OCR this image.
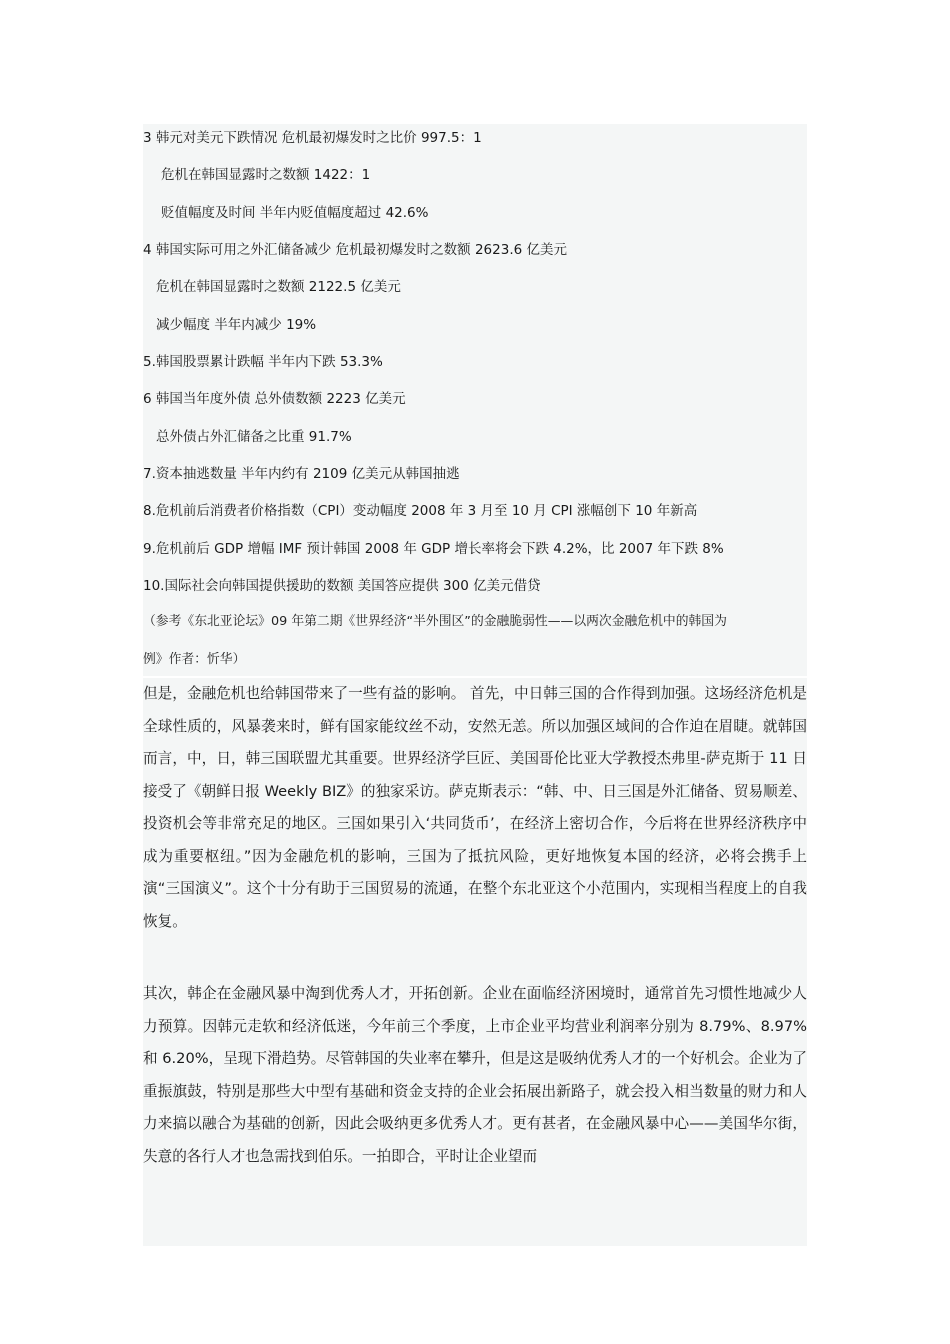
3 韩元对美元下跌情况 危机最初爆发时之比价 997.5：1
危机在韩国显露时之数额 1422：1
贬值幅度及时间 半年内贬值幅度超过 42.6%
4 韩国实际可用之外汇储备减少 危机最初爆发时之数额 2623.6 亿美元
危机在韩国显露时之数额 2122.5 亿美元
减少幅度 半年内减少 19%
5.韩国股票累计跌幅 半年内下跌 53.3%
6 韩国当年度外债 总外债数额 2223 亿美元
总外债占外汇储备之比重 91.7%
7.资本抽逃数量 半年内约有 2109 亿美元从韩国抽逃
8.危机前后消费者价格指数（CPI）变动幅度 2008 年 3 月至 10 月 CPI 涨幅创下 10 年新高
9.危机前后 GDP 增幅 IMF 预计韩国 2008 年 GDP 增长率将会下跌 4.2%，比 2007 年下跌 8%
10.国际社会向韩国提供援助的数额 美国答应提供 300 亿美元借贷
（参考《东北亚论坛》09 年第二期《世界经济“半外围区”的金融脆弱性——以两次金融危机中的韩国为
例》作者：忻华）

但是，金融危机也给韩国带来了一些有益的影响。 首先，中日韩三国的合作得到加强。这场经济危机是全球性质的，风暴袭来时，鲜有国家能纹丝不动，安然无恙。所以加强区域间的合作迫在眉睫。就韩国而言，中，日，韩三国联盟尤其重要。世界经济学巨匠、美国哥伦比亚大学教授杰弗里-萨克斯于 11 日接受了《朝鲜日报 Weekly BIZ》的独家采访。萨克斯表示：“韩、中、日三国是外汇储备、贸易顺差、投资机会等非常充足的地区。三国如果引入‘共同货币’，在经济上密切合作，今后将在世界经济秩序中成为重要枢纽。”因为金融危机的影响，三国为了抵抗风险，更好地恢复本国的经济，必将会携手上演“三国演义”。这个十分有助于三国贸易的流通，在整个东北亚这个小范围内，实现相当程度上的自我恢复。

其次，韩企在金融风暴中淘到优秀人才，开拓创新。企业在面临经济困境时，通常首先习惯性地减少人力预算。因韩元走软和经济低迷，今年前三个季度，上市企业平均营业利润率分别为 8.79%、8.97%和 6.20%，呈现下滑趋势。尽管韩国的失业率在攀升，但是这是吸纳优秀人才的一个好机会。企业为了重振旗鼓，特别是那些大中型有基础和资金支持的企业会拓展出新路子，就会投入相当数量的财力和人力来搞以融合为基础的创新，因此会吸纳更多优秀人才。更有甚者，在金融风暴中心——美国华尔街，失意的各行人才也急需找到伯乐。一拍即合，平时让企业望而
